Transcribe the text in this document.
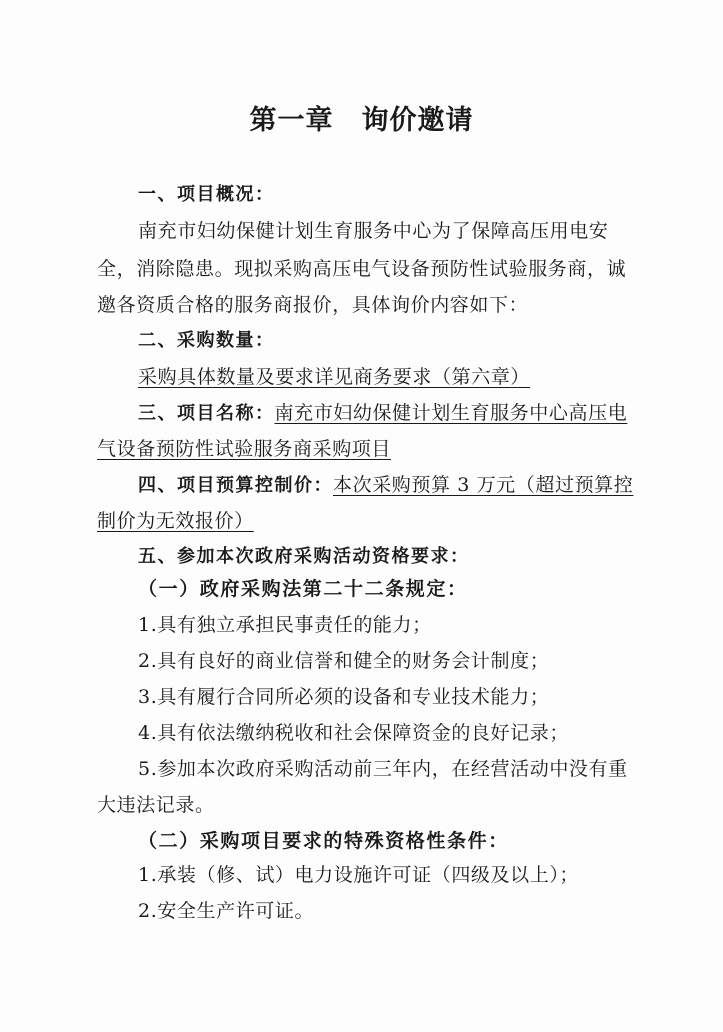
第一章　询价邀请
一、项目概况：
南充市妇幼保健计划生育服务中心为了保障高压用电安
全，消除隐患。现拟采购高压电气设备预防性试验服务商，诚
邀各资质合格的服务商报价，具体询价内容如下：
二、采购数量：
采购具体数量及要求详见商务要求（第六章）
三、项目名称：南充市妇幼保健计划生育服务中心高压电
气设备预防性试验服务商采购项目
四、项目预算控制价：本次采购预算 3 万元（超过预算控
制价为无效报价）
五、参加本次政府采购活动资格要求：
（一）政府采购法第二十二条规定：
1.具有独立承担民事责任的能力；
2.具有良好的商业信誉和健全的财务会计制度；
3.具有履行合同所必须的设备和专业技术能力；
4.具有依法缴纳税收和社会保障资金的良好记录；
5.参加本次政府采购活动前三年内，在经营活动中没有重
大违法记录。
（二）采购项目要求的特殊资格性条件：
1.承装（修、试）电力设施许可证（四级及以上）；
2.安全生产许可证。
